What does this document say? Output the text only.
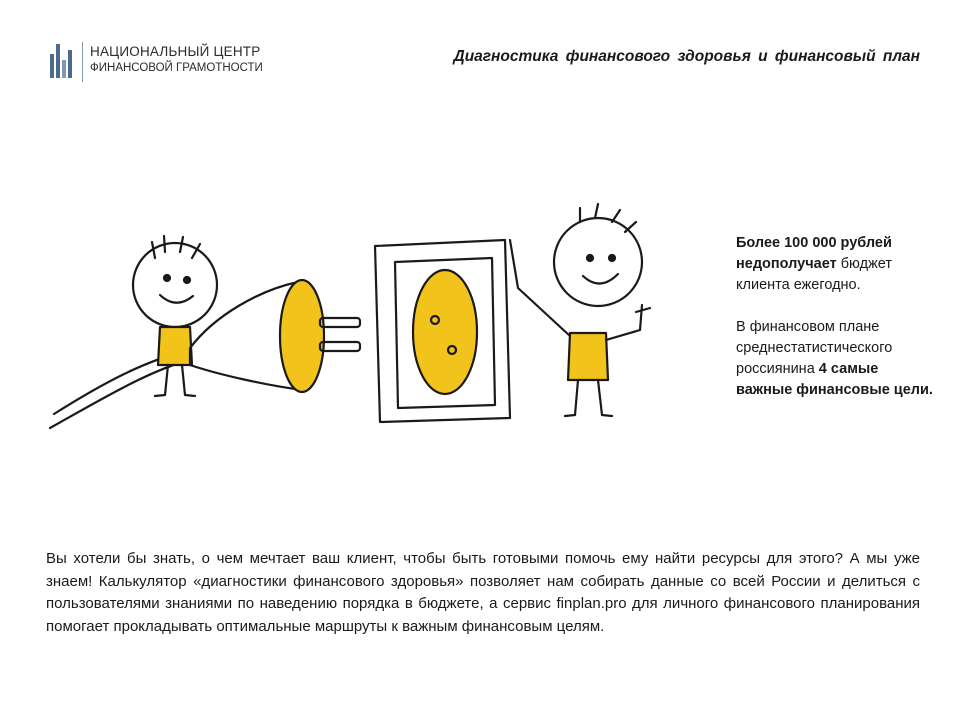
НАЦИОНАЛЬНЫЙ ЦЕНТР
ФИНАНСОВОЙ ГРАМОТНОСТИ
Диагностика финансового здоровья и финансовый план

Более 100 000 рублей недополучает бюджет клиента ежегодно.

В финансовом плане среднестатистического россиянина 4 самые важные финансовые цели.

Вы хотели бы знать, о чем мечтает ваш клиент, чтобы быть готовыми помочь ему найти ресурсы для этого? А мы уже знаем! Калькулятор «диагностики финансового здоровья» позволяет нам собирать данные со всей России и делиться с пользователями знаниями по наведению порядка в бюджете, а сервис finplan.pro для личного финансового планирования помогает прокладывать оптимальные маршруты к важным финансовым целям.
